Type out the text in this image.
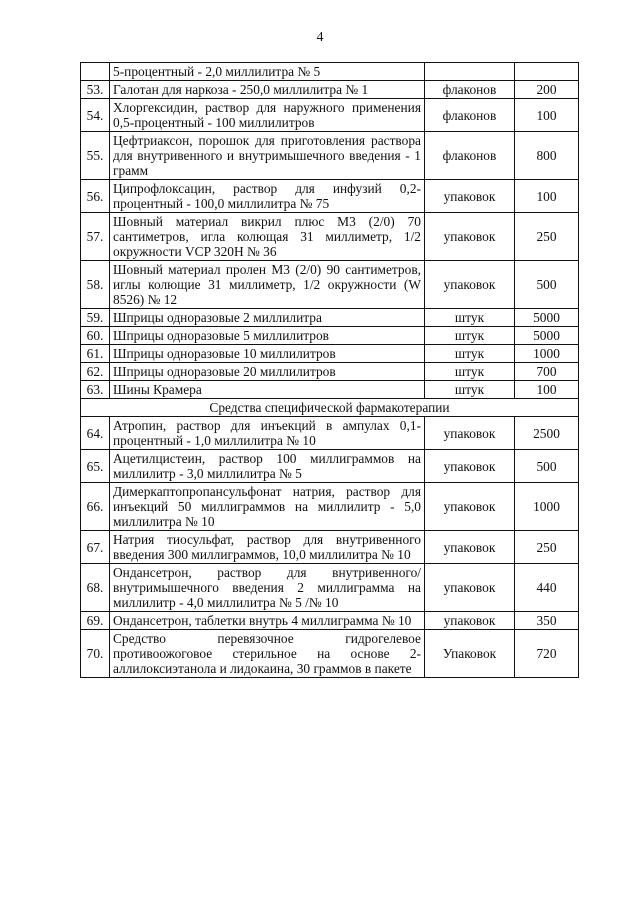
4
	5-процентный - 2,0 миллилитра № 5		
53.	Галотан для наркоза - 250,0 миллилитра № 1	флаконов	200
54.	Хлоргексидин, раствор для наружного применения 0,5-процентный - 100 миллилитров	флаконов	100
55.	Цефтриаксон, порошок для приготовления раствора для внутривенного и внутримышечного введения - 1 грамм	флаконов	800
56.	Ципрофлоксацин, раствор для инфузий 0,2-процентный - 100,0 миллилитра № 75	упаковок	100
57.	Шовный материал викрил плюс М3 (2/0) 70 сантиметров, игла колющая 31 миллиметр, 1/2 окружности VCP 320H № 36	упаковок	250
58.	Шовный материал пролен М3 (2/0) 90 сантиметров, иглы колющие 31 миллиметр, 1/2 окружности (W 8526) № 12	упаковок	500
59.	Шприцы одноразовые 2 миллилитра	штук	5000
60.	Шприцы одноразовые 5 миллилитров	штук	5000
61.	Шприцы одноразовые 10 миллилитров	штук	1000
62.	Шприцы одноразовые 20 миллилитров	штук	700
63.	Шины Крамера	штук	100
Средства специфической фармакотерапии			
64.	Атропин, раствор для инъекций в ампулах 0,1-процентный - 1,0 миллилитра № 10	упаковок	2500
65.	Ацетилцистеин, раствор 100 миллиграммов на миллилитр - 3,0 миллилитра № 5	упаковок	500
66.	Димеркаптопропансульфонат натрия, раствор для инъекций 50 миллиграммов на миллилитр - 5,0 миллилитра № 10	упаковок	1000
67.	Натрия тиосульфат, раствор для внутривенного введения 300 миллиграммов, 10,0 миллилитра № 10	упаковок	250
68.	Ондансетрон, раствор для внутривенного/внутримышечного введения 2 миллиграмма на миллилитр - 4,0 миллилитра № 5 /№ 10	упаковок	440
69.	Ондансетрон, таблетки внутрь 4 миллиграмма № 10	упаковок	350
70.	Средство перевязочное гидрогелевое противоожоговое стерильное на основе 2-аллилоксиэтанола и лидокаина, 30 граммов в пакете	Упаковок	720
